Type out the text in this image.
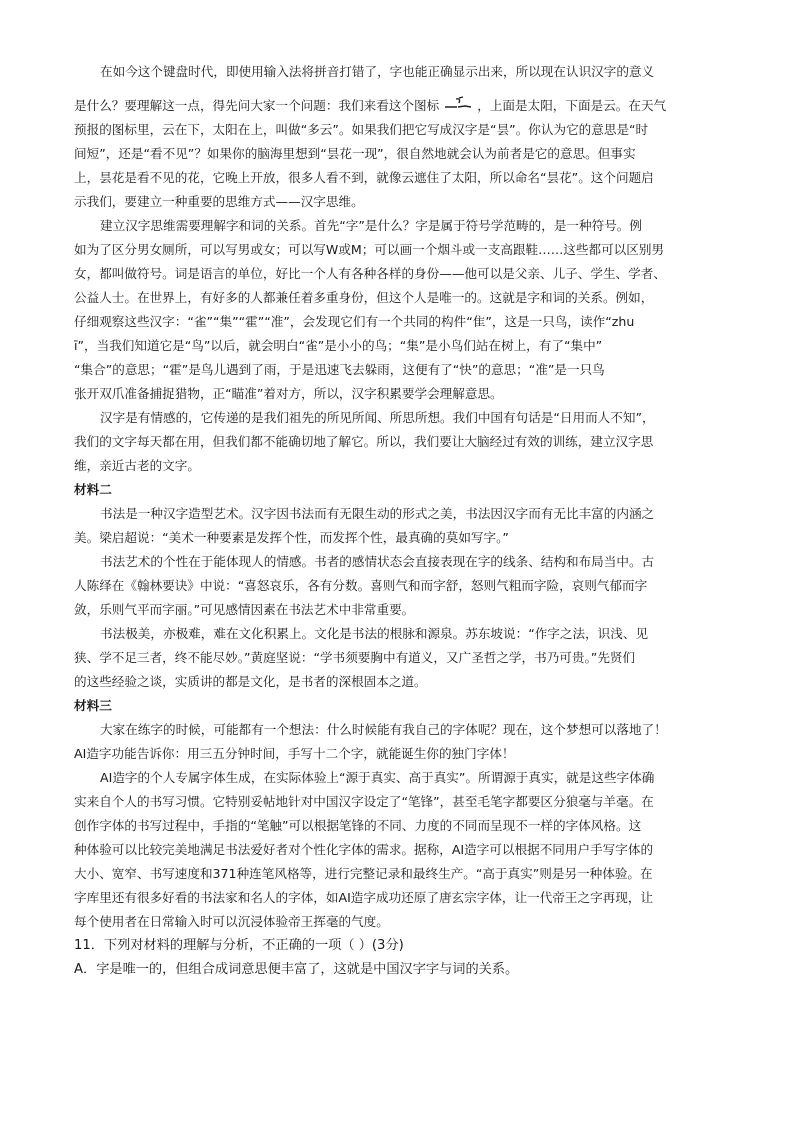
在如今这个键盘时代，即使用输入法将拼音打错了，字也能正确显示出来，所以现在认识汉字的意义
是什么？要理解这一点，得先问大家一个问题：我们来看这个图标	，上面是太阳，下面是云。在天气
预报的图标里，云在下，太阳在上，叫做“多云”。如果我们把它写成汉字是“昙”。你认为它的意思是“时
间短”，还是“看不见”？如果你的脑海里想到“昙花一现”，很自然地就会认为前者是它的意思。但事实
上，昙花是看不见的花，它晚上开放，很多人看不到，就像云遮住了太阳，所以命名“昙花”。这个问题启
示我们，要建立一种重要的思维方式——汉字思维。
建立汉字思维需要理解字和词的关系。首先“字”是什么？字是属于符号学范畴的，是一种符号。例
如为了区分男女厕所，可以写男或女；可以写W或M；可以画一个烟斗或一支高跟鞋……这些都可以区别男
女，都叫做符号。词是语言的单位，好比一个人有各种各样的身份——他可以是父亲、儿子、学生、学者、
公益人士。在世界上，有好多的人都兼任着多重身份，但这个人是唯一的。这就是字和词的关系。例如，
仔细观察这些汉字：“雀”“集”“霍”“准”，会发现它们有一个共同的构件“隹”，这是一只鸟，读作“zhu
ī”，当我们知道它是“鸟”以后，就会明白“雀”是小小的鸟；“集”是小鸟们站在树上，有了“集中”
“集合”的意思；“霍”是鸟儿遇到了雨，于是迅速飞去躲雨，这便有了“快”的意思；“准”是一只鸟
张开双爪准备捕捉猎物，正“瞄准”着对方，所以，汉字积累要学会理解意思。
汉字是有情感的，它传递的是我们祖先的所见所闻、所思所想。我们中国有句话是“日用而人不知”，
我们的文字每天都在用，但我们都不能确切地了解它。所以，我们要让大脑经过有效的训练，建立汉字思
维，亲近古老的文字。
材料二
书法是一种汉字造型艺术。汉字因书法而有无限生动的形式之美，书法因汉字而有无比丰富的内涵之
美。梁启超说：“美术一种要素是发挥个性，而发挥个性，最真确的莫如写字。”
书法艺术的个性在于能体现人的情感。书者的感情状态会直接表现在字的线条、结构和布局当中。古
人陈绎在《翰林要诀》中说：“喜怒哀乐，各有分数。喜则气和而字舒，怒则气粗而字险，哀则气郁而字
敛，乐则气平而字丽。”可见感情因素在书法艺术中非常重要。
书法极美，亦极难，难在文化积累上。文化是书法的根脉和源泉。苏东坡说：“作字之法，识浅、见
狭、学不足三者，终不能尽妙。”黄庭坚说：“学书须要胸中有道义，又广圣哲之学，书乃可贵。”先贤们
的这些经验之谈，实质讲的都是文化，是书者的深根固本之道。
材料三
大家在练字的时候，可能都有一个想法：什么时候能有我自己的字体呢？现在，这个梦想可以落地了！
AI造字功能告诉你：用三五分钟时间，手写十二个字，就能诞生你的独门字体！
AI造字的个人专属字体生成，在实际体验上“源于真实、高于真实”。所谓源于真实，就是这些字体确
实来自个人的书写习惯。它特别妥帖地针对中国汉字设定了“笔锋”，甚至毛笔字都要区分狼毫与羊毫。在
创作字体的书写过程中，手指的“笔触”可以根据笔锋的不同、力度的不同而呈现不一样的字体风格。这
种体验可以比较完美地满足书法爱好者对个性化字体的需求。据称，AI造字可以根据不同用户手写字体的
大小、宽窄、书写速度和371种连笔风格等，进行完整记录和最终生产。“高于真实”则是另一种体验。在
字库里还有很多好看的书法家和名人的字体，如AI造字成功还原了唐玄宗字体，让一代帝王之字再现，让
每个使用者在日常输入时可以沉浸体验帝王挥毫的气度。
11．下列对材料的理解与分析，不正确的一项（ ）(3分)
A．字是唯一的，但组合成词意思便丰富了，这就是中国汉字字与词的关系。
